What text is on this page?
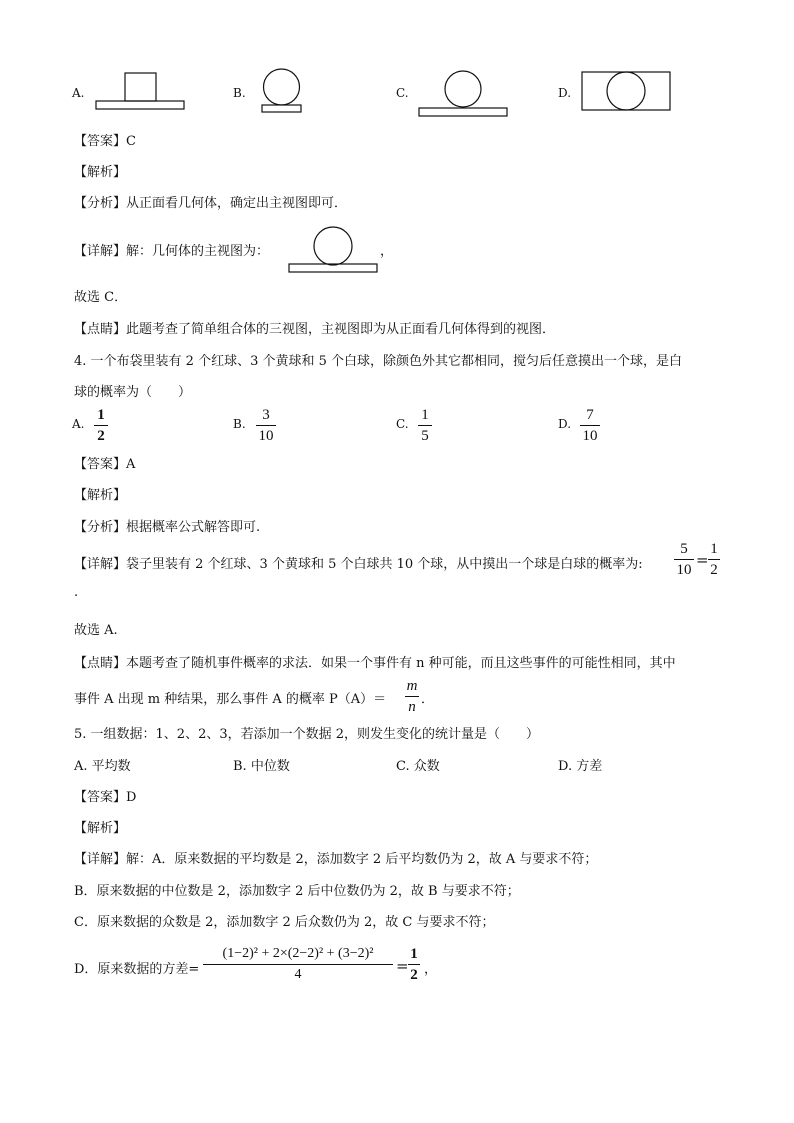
A.	B.	C.	D.
【答案】C
【解析】
【分析】从正面看几何体，确定出主视图即可．
【详解】解：几何体的主视图为：	，
故选 C．
【点睛】此题考查了简单组合体的三视图，主视图即为从正面看几何体得到的视图．
4. 一个布袋里装有 2 个红球、3 个黄球和 5 个白球，除颜色外其它都相同，搅匀后任意摸出一个球，是白
球的概率为（　　）
A.
1
2
B.
3
10
C.
1
5
D.
7
10
【答案】A
【解析】
【分析】根据概率公式解答即可.
【详解】袋子里装有 2 个红球、3 个黄球和 5 个白球共 10 个球，从中摸出一个球是白球的概率为:
5
10
=
1
2
.
故选 A.
【点睛】本题考查了随机事件概率的求法．如果一个事件有 n 种可能，而且这些事件的可能性相同，其中
事件 A 出现 m 种结果，那么事件 A 的概率 P（A）＝
m
n ．
5. 一组数据：1、2、2、3，若添加一个数据 2，则发生变化的统计量是（　　）
A. 平均数	B. 中位数	C. 众数	D. 方差
【答案】D
【解析】
【详解】解：A．原来数据的平均数是 2，添加数字 2 后平均数仍为 2，故 A 与要求不符；
B．原来数据的中位数是 2，添加数字 2 后中位数仍为 2，故 B 与要求不符；
C．原来数据的众数是 2，添加数字 2 后众数仍为 2，故 C 与要求不符；
D．原来数据的方差=
(1−2)² + 2×(2−2)² + (3−2)²
4	=
1
2 ，
